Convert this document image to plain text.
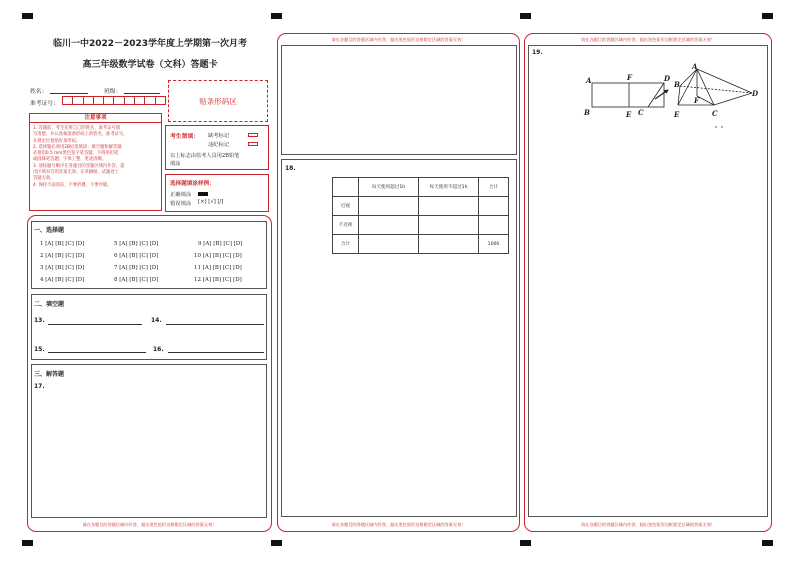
临川一中2022－2023学年度上学期第一次月考
高三年级数学试卷（文科）答题卡
姓名：	班级：
准考证号：	贴条形码区
注意事项
1. 答题前，考生先将自己的姓名、准考证号填
写清楚，并认真核准条形码上的姓名、准考证号，
在规定位置贴好条形码。
2. 选择题必须用2B铅笔填涂；填空题和解答题
必须用0.5 mm黑色签字笔答题，不得用铅笔
或圆珠笔答题；字体工整、笔迹清晰。
3. 请按题号顺序在各题目的答题区域内作答，超
出区域书写的答案无效；在草稿纸、试题卷上
答题无效。
4. 保持卡面清洁，不要折叠、不要弄破。
考生禁填： 缺考标记
违纪标记
以上标志由监考人员用2B铅笔
填涂
选择题填涂样例：
正确填涂
错误填涂 [×] [√] [/]
请在各题目的答题区域内作答，超出黑色矩形边框限定区域的答案无效！
一、选择题
1 [A] [B] [C] [D]	5 [A] [B] [C] [D]	9 [A] [B] [C] [D]
2 [A] [B] [C] [D]	6 [A] [B] [C] [D]	10 [A] [B] [C] [D]
3 [A] [B] [C] [D]	7 [A] [B] [C] [D]	11 [A] [B] [C] [D]
4 [A] [B] [C] [D]	8 [A] [B] [C] [D]	12 [A] [B] [C] [D]
二、填空题
13.	14.
15.	16.
三、解答题
17.
请在各题目的答题区域内作答，超出黑色矩形边框限定区域的答案无效！
请在各题目的答题区域内作答，超出黑色矩形边框限定区域的答案无效！
18.
	每天使用超过1h	每天使用不超过1h	合计
近视			
不近视			
合计			1000
请在各题目的答题区域内作答，超出黑色矩形边框限定区域的答案无效！
请在各题目的答题区域内作答，超出黑色矩形边框限定区域的答案无效！
19.
A	F	D
B	E C
A
B
D
E
F
C
